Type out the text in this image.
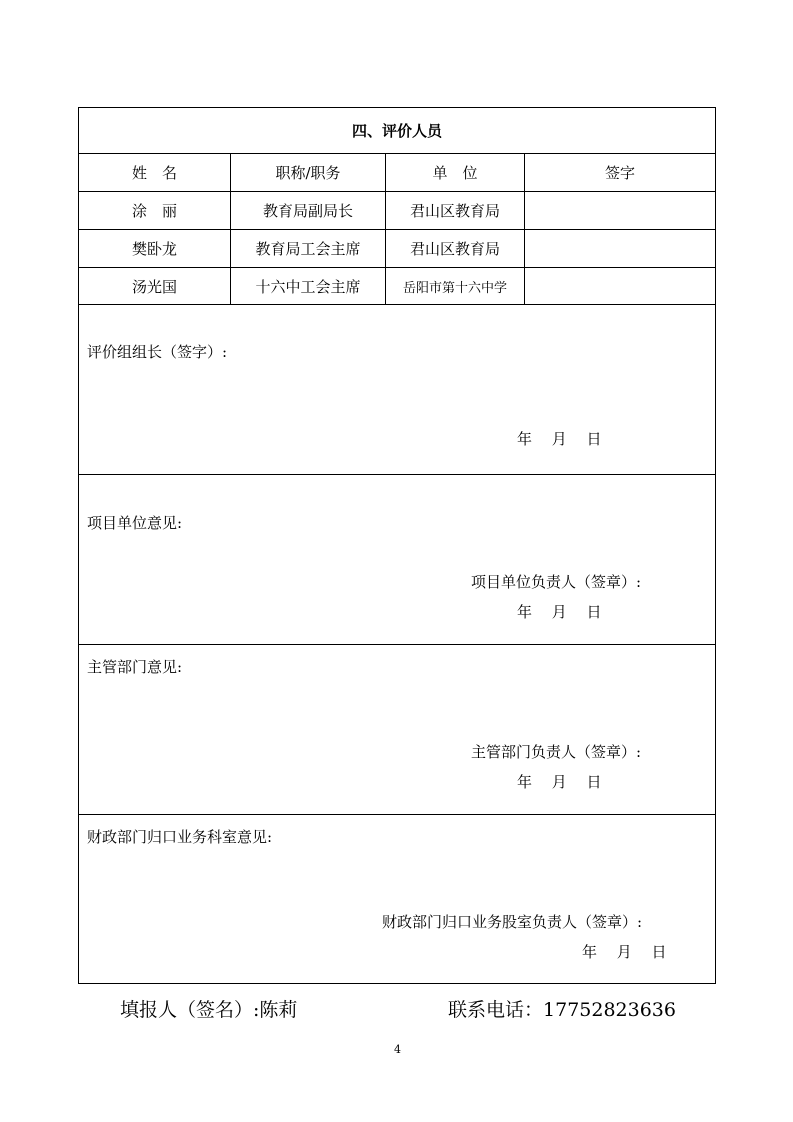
四、评价人员
姓　名	职称/职务	单　位	签字
涂　丽	教育局副局长	君山区教育局
樊卧龙	教育局工会主席	君山区教育局
汤光国	十六中工会主席	岳阳市第十六中学
评价组组长（签字）:
年　 月　 日
项目单位意见:
项目单位负责人（签章）:
年　 月　 日
主管部门意见:
主管部门负责人（签章）:
年　 月　 日
财政部门归口业务科室意见:
财政部门归口业务股室负责人（签章）:
年　 月　 日
填报人（签名）:陈莉	联系电话：17752823636
4
